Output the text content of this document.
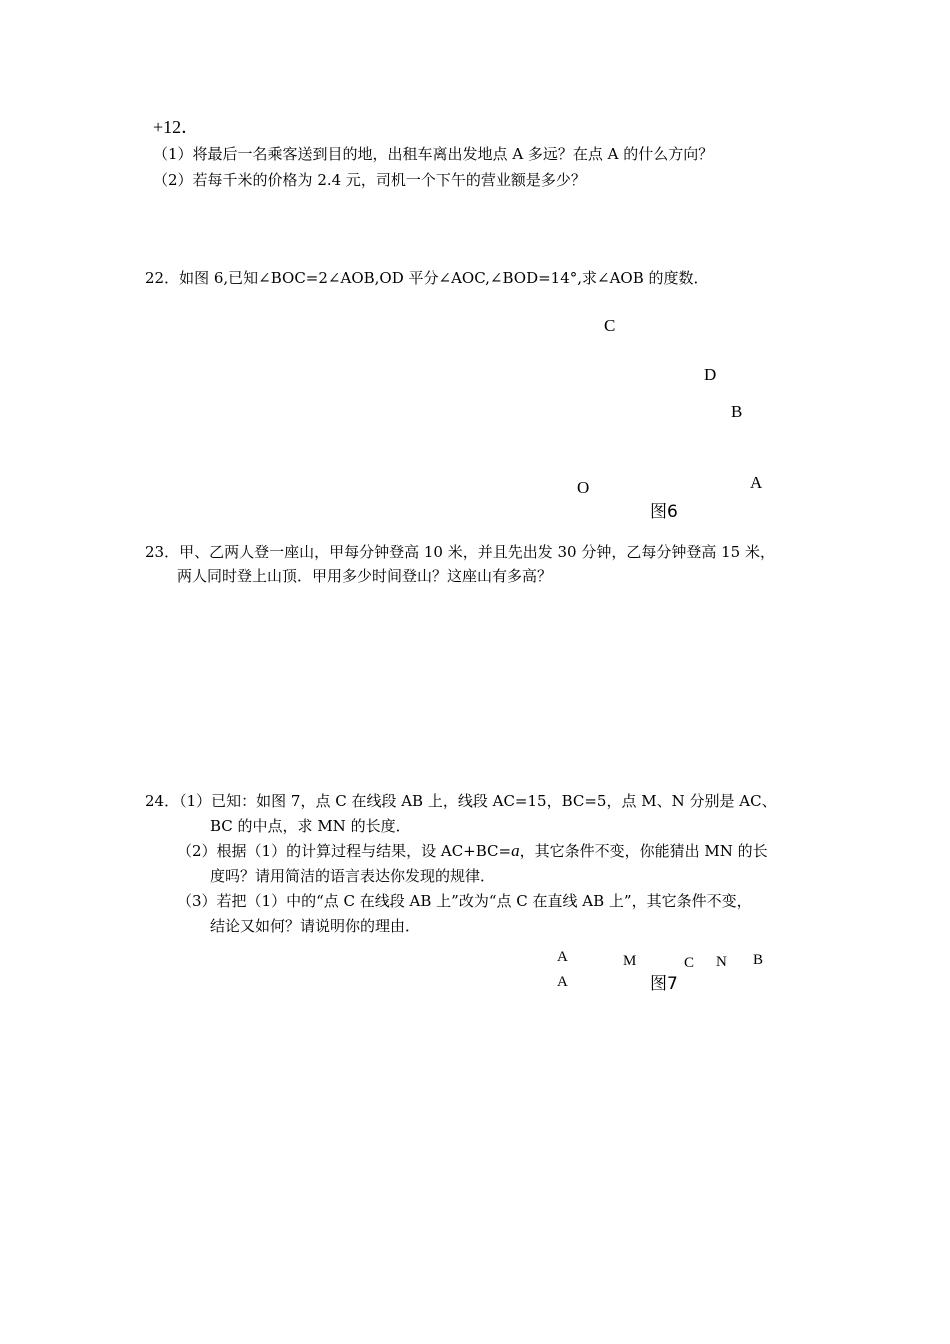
+12．
（1）将最后一名乘客送到目的地，出租车离出发地点 A 多远？在点 A 的什么方向？
（2）若每千米的价格为 2.4 元，司机一个下午的营业额是多少？
22．如图 6,已知∠BOC=2∠AOB,OD 平分∠AOC,∠BOD=14°,求∠AOB 的度数．
C
D
B
O	A
图6
23．甲、乙两人登一座山，甲每分钟登高 10 米，并且先出发 30 分钟，乙每分钟登高 15 米，
两人同时登上山顶．甲用多少时间登山？这座山有多高？
24．（1）已知：如图 7，点 C 在线段 AB 上，线段 AC=15，BC=5，点 M、N 分别是 AC、
BC 的中点，求 MN 的长度．
（2）根据（1）的计算过程与结果，设 AC+BC=a，其它条件不变，你能猜出 MN 的长
度吗？请用简洁的语言表达你发现的规律．
（3）若把（1）中的“点 C 在线段 AB 上”改为“点 C 在直线 AB 上”，其它条件不变，
结论又如何？请说明你的理由．
A	M	C N B
A	图7
